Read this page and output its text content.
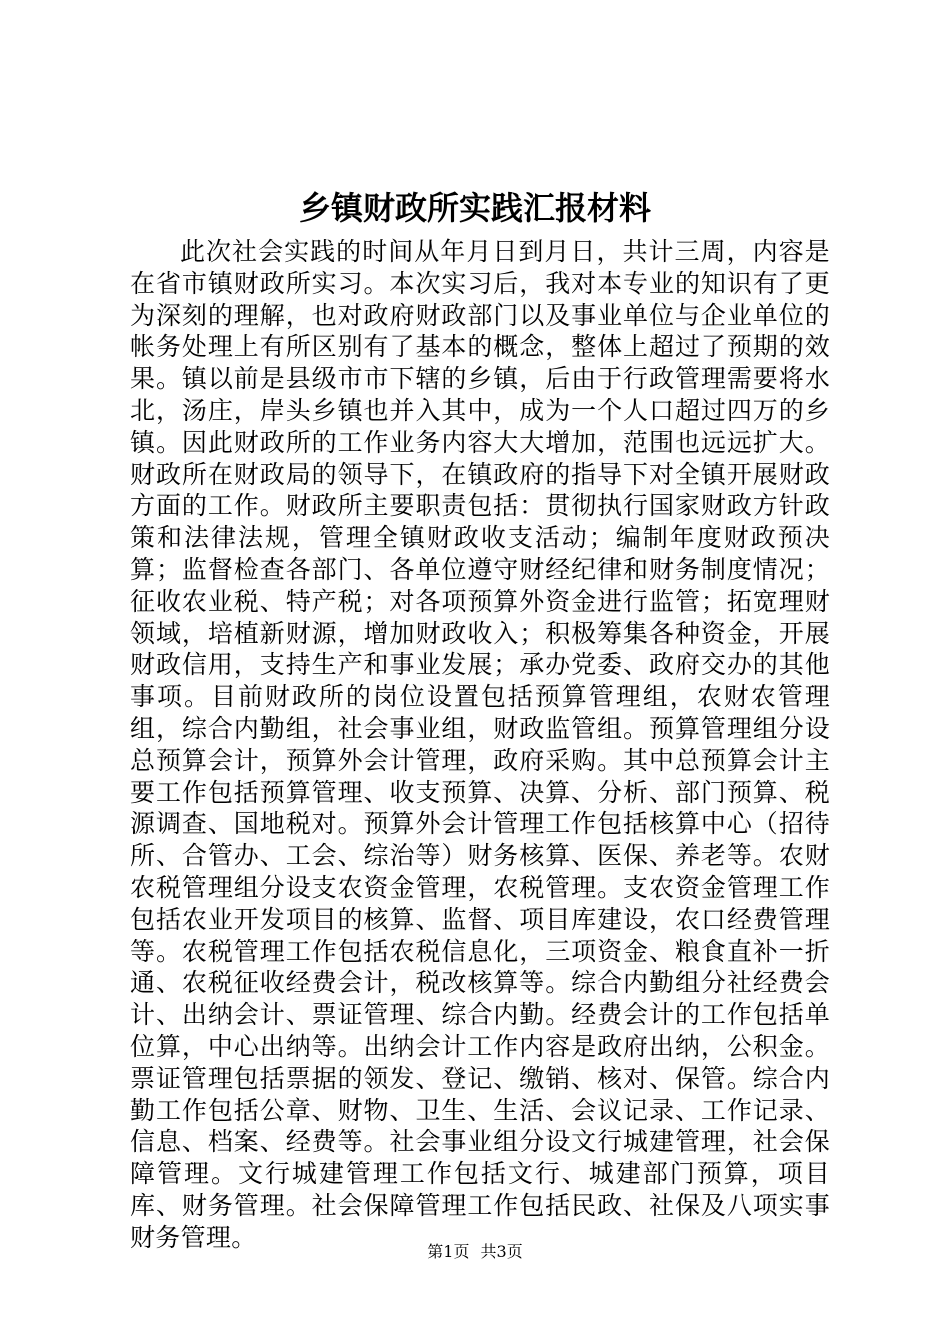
乡镇财政所实践汇报材料

此次社会实践的时间从年月日到月日，共计三周，内容是在省市镇财政所实习。本次实习后，我对本专业的知识有了更为深刻的理解，也对政府财政部门以及事业单位与企业单位的帐务处理上有所区别有了基本的概念，整体上超过了预期的效果。镇以前是县级市市下辖的乡镇，后由于行政管理需要将水北，汤庄，岸头乡镇也并入其中，成为一个人口超过四万的乡镇。因此财政所的工作业务内容大大增加，范围也远远扩大。财政所在财政局的领导下，在镇政府的指导下对全镇开展财政方面的工作。财政所主要职责包括：贯彻执行国家财政方针政策和法律法规，管理全镇财政收支活动；编制年度财政预决算；监督检查各部门、各单位遵守财经纪律和财务制度情况；征收农业税、特产税；对各项预算外资金进行监管；拓宽理财领域，培植新财源，增加财政收入；积极筹集各种资金，开展财政信用，支持生产和事业发展；承办党委、政府交办的其他事项。目前财政所的岗位设置包括预算管理组，农财农管理组，综合内勤组，社会事业组，财政监管组。预算管理组分设总预算会计，预算外会计管理，政府采购。其中总预算会计主要工作包括预算管理、收支预算、决算、分析、部门预算、税源调查、国地税对。预算外会计管理工作包括核算中心（招待所、合管办、工会、综治等）财务核算、医保、养老等。农财农税管理组分设支农资金管理，农税管理。支农资金管理工作包括农业开发项目的核算、监督、项目库建设，农口经费管理等。农税管理工作包括农税信息化，三项资金、粮食直补一折通、农税征收经费会计，税改核算等。综合内勤组分社经费会计、出纳会计、票证管理、综合内勤。经费会计的工作包括单位算，中心出纳等。出纳会计工作内容是政府出纳，公积金。票证管理包括票据的领发、登记、缴销、核对、保管。综合内勤工作包括公章、财物、卫生、生活、会议记录、工作记录、信息、档案、经费等。社会事业组分设文行城建管理，社会保障管理。文行城建管理工作包括文行、城建部门预算，项目库、财务管理。社会保障管理工作包括民政、社保及八项实事财务管理。	第1页 共3页
